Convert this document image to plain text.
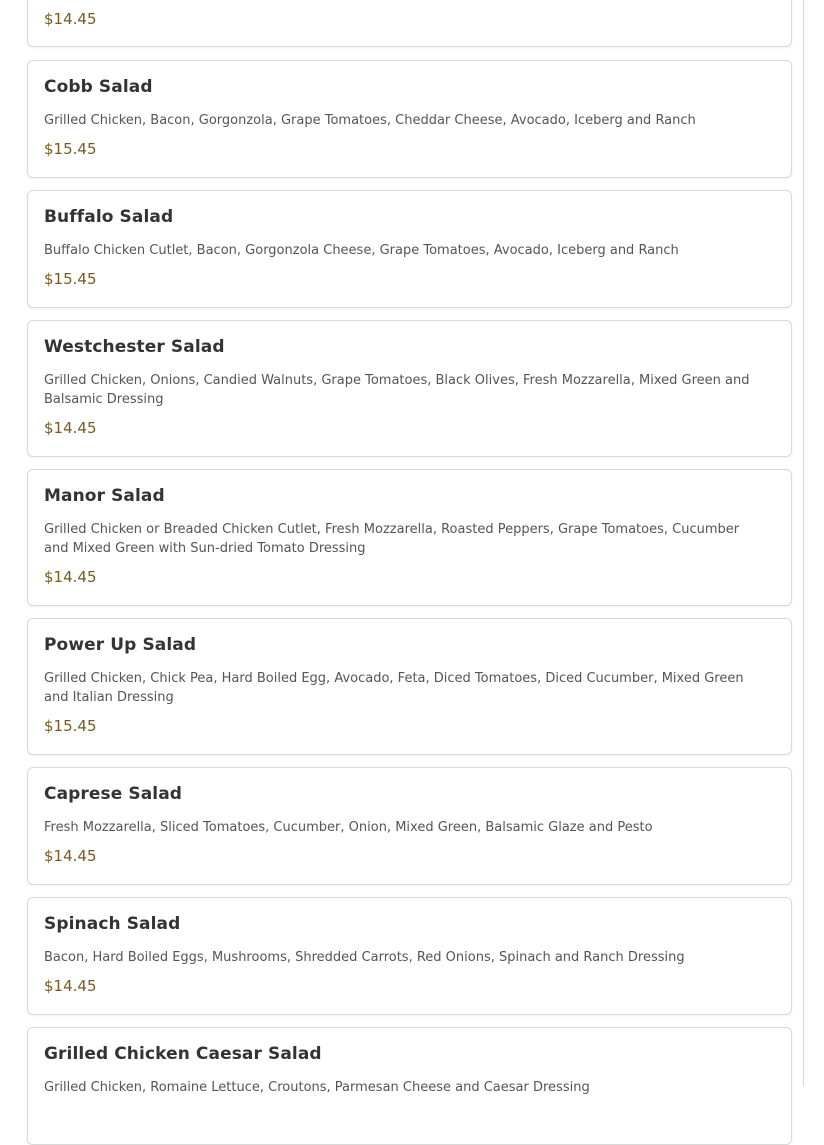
$14.45
Cobb Salad
Grilled Chicken, Bacon, Gorgonzola, Grape Tomatoes, Cheddar Cheese, Avocado, Iceberg and Ranch
$15.45
Buffalo Salad
Buffalo Chicken Cutlet, Bacon, Gorgonzola Cheese, Grape Tomatoes, Avocado, Iceberg and Ranch
$15.45
Westchester Salad
Grilled Chicken, Onions, Candied Walnuts, Grape Tomatoes, Black Olives, Fresh Mozzarella, Mixed Green and Balsamic Dressing
$14.45
Manor Salad
Grilled Chicken or Breaded Chicken Cutlet, Fresh Mozzarella, Roasted Peppers, Grape Tomatoes, Cucumber and Mixed Green with Sun-dried Tomato Dressing
$14.45
Power Up Salad
Grilled Chicken, Chick Pea, Hard Boiled Egg, Avocado, Feta, Diced Tomatoes, Diced Cucumber, Mixed Green and Italian Dressing
$15.45
Caprese Salad
Fresh Mozzarella, Sliced Tomatoes, Cucumber, Onion, Mixed Green, Balsamic Glaze and Pesto
$14.45
Spinach Salad
Bacon, Hard Boiled Eggs, Mushrooms, Shredded Carrots, Red Onions, Spinach and Ranch Dressing
$14.45
Grilled Chicken Caesar Salad
Grilled Chicken, Romaine Lettuce, Croutons, Parmesan Cheese and Caesar Dressing
